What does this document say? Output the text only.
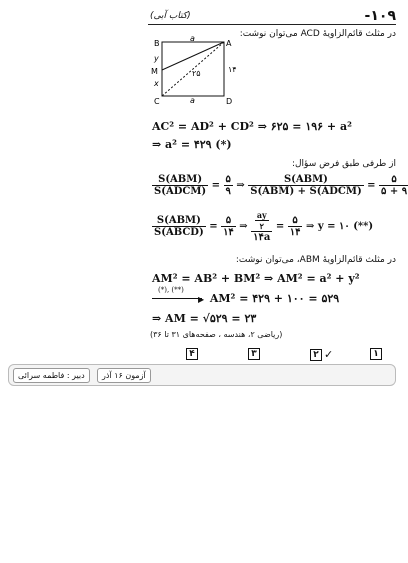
-۱۰۹
(کتاب آبی)
در مثلث قائم‌الزاویهٔ ACD می‌توان نوشت:
B	A
C	D
M
y
x
a
a
۱۴
۲۵
AC² = AD² + CD² ⇒ ۶۲۵ = ۱۹۶ + a²
⇒ a² = ۴۲۹ (*)
از طرفی طبق فرض سؤال:
$\frac{\text{S(ABM)}}{\text{S(ADCM)}} = \frac{۵}{۹}$ ⇒ $\frac{\text{S(ABM)}}{\text{S(ABM) + S(ADCM)}} = \frac{۵}{۵ + ۹}$
$\frac{\text{S(ABM)}}{\text{S(ABCD)}} = \frac{۵}{۱۴}$ ⇒ $\frac{\frac{ay}{۲}}{۱۴a} = \frac{۵}{۱۴}$ ⇒ y = ۱۰ (**)
در مثلث قائم‌الزاویهٔ ABM، می‌توان نوشت:
AM² = AB² + BM² ⇒ AM² = a² + y²
(*), (**)
▶ AM² = ۴۲۹ + ۱۰۰ = ۵۲۹
⇒ AM = √۵۲۹ = ۲۳
(ریاضی ۲، هندسه ، صفحه‌های ۳۱ تا ۳۶)
۴	۳	۲ ✓	۱
دبیر : فاطمه سرائی	آزمون ۱۶ آذر
